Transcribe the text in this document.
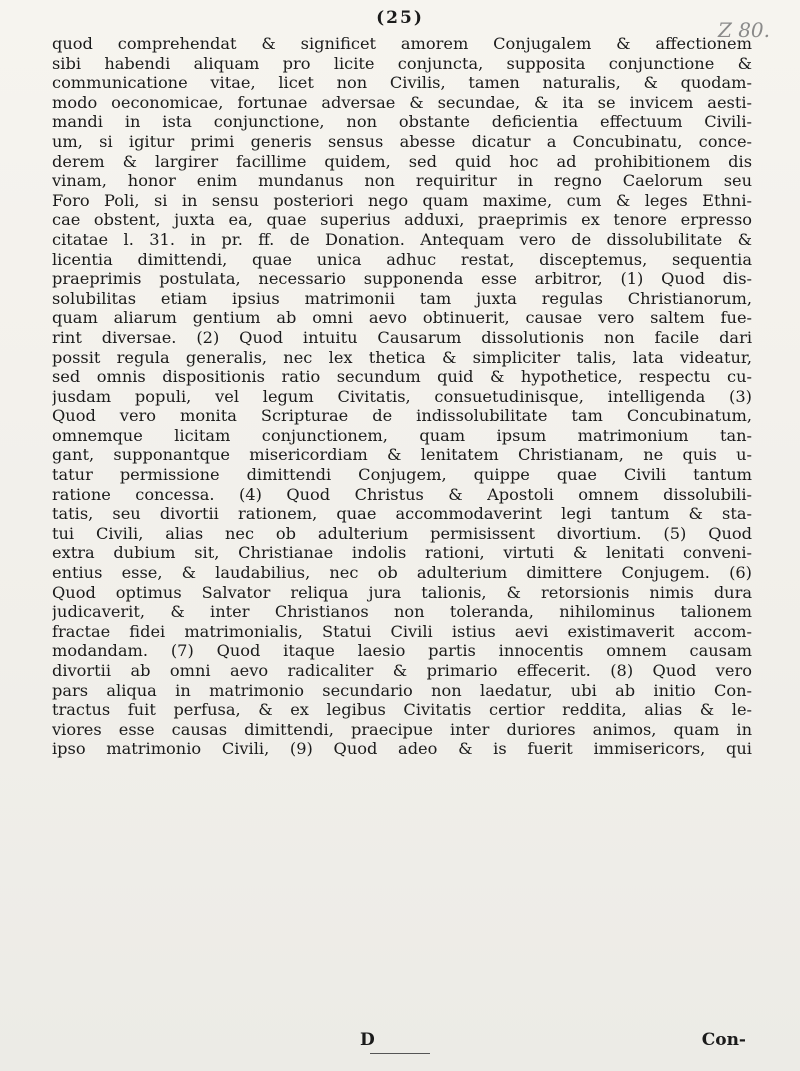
Z 80.
(25)
quod comprehendat & significet amorem Conjugalem & affectionem
sibi habendi aliquam pro licite conjuncta, supposita conjunctione &
communicatione vitae, licet non Civilis, tamen naturalis, & quodam-
modo oeconomicae, fortunae adversae & secundae, & ita se invicem aesti-
mandi in ista conjunctione, non obstante deficientia effectuum Civili-
um, si igitur primi generis sensus abesse dicatur a Concubinatu, conce-
derem & largirer facillime quidem, sed quid hoc ad prohibitionem dis
vinam, honor enim mundanus non requiritur in regno Caelorum seu
Foro Poli, si in sensu posteriori nego quam maxime, cum & leges Ethni-
cae obstent, juxta ea, quae superius adduxi, praeprimis ex tenore erpresso
citatae l. 31. in pr. ff. de Donation. Antequam vero de dissolubilitate &
licentia dimittendi, quae unica adhuc restat, disceptemus, sequentia
praeprimis postulata, necessario supponenda esse arbitror, (1) Quod dis-
solubilitas etiam ipsius matrimonii tam juxta regulas Christianorum,
quam aliarum gentium ab omni aevo obtinuerit, causae vero saltem fue-
rint diversae. (2) Quod intuitu Causarum dissolutionis non facile dari
possit regula generalis, nec lex thetica & simpliciter talis, lata videatur,
sed omnis dispositionis ratio secundum quid & hypothetice, respectu cu-
jusdam populi, vel legum Civitatis, consuetudinisque, intelligenda (3)
Quod vero monita Scripturae de indissolubilitate tam Concubinatum,
omnemque licitam conjunctionem, quam ipsum matrimonium tan-
gant, supponantque misericordiam & lenitatem Christianam, ne quis u-
tatur permissione dimittendi Conjugem, quippe quae Civili tantum
ratione concessa. (4) Quod Christus & Apostoli omnem dissolubili-
tatis, seu divortii rationem, quae accommodaverint legi tantum & sta-
tui Civili, alias nec ob adulterium permisissent divortium. (5) Quod
extra dubium sit, Christianae indolis rationi, virtuti & lenitati conveni-
entius esse, & laudabilius, nec ob adulterium dimittere Conjugem. (6)
Quod optimus Salvator reliqua jura talionis, & retorsionis nimis dura
judicaverit, & inter Christianos non toleranda, nihilominus talionem
fractae fidei matrimonialis, Statui Civili istius aevi existimaverit accom-
modandam. (7) Quod itaque laesio partis innocentis omnem causam
divortii ab omni aevo radicaliter & primario effecerit. (8) Quod vero
pars aliqua in matrimonio secundario non laedatur, ubi ab initio Con-
tractus fuit perfusa, & ex legibus Civitatis certior reddita, alias & le-
viores esse causas dimittendi, praecipue inter duriores animos, quam in
ipso matrimonio Civili, (9) Quod adeo & is fuerit immisericors, qui
D	Con-
